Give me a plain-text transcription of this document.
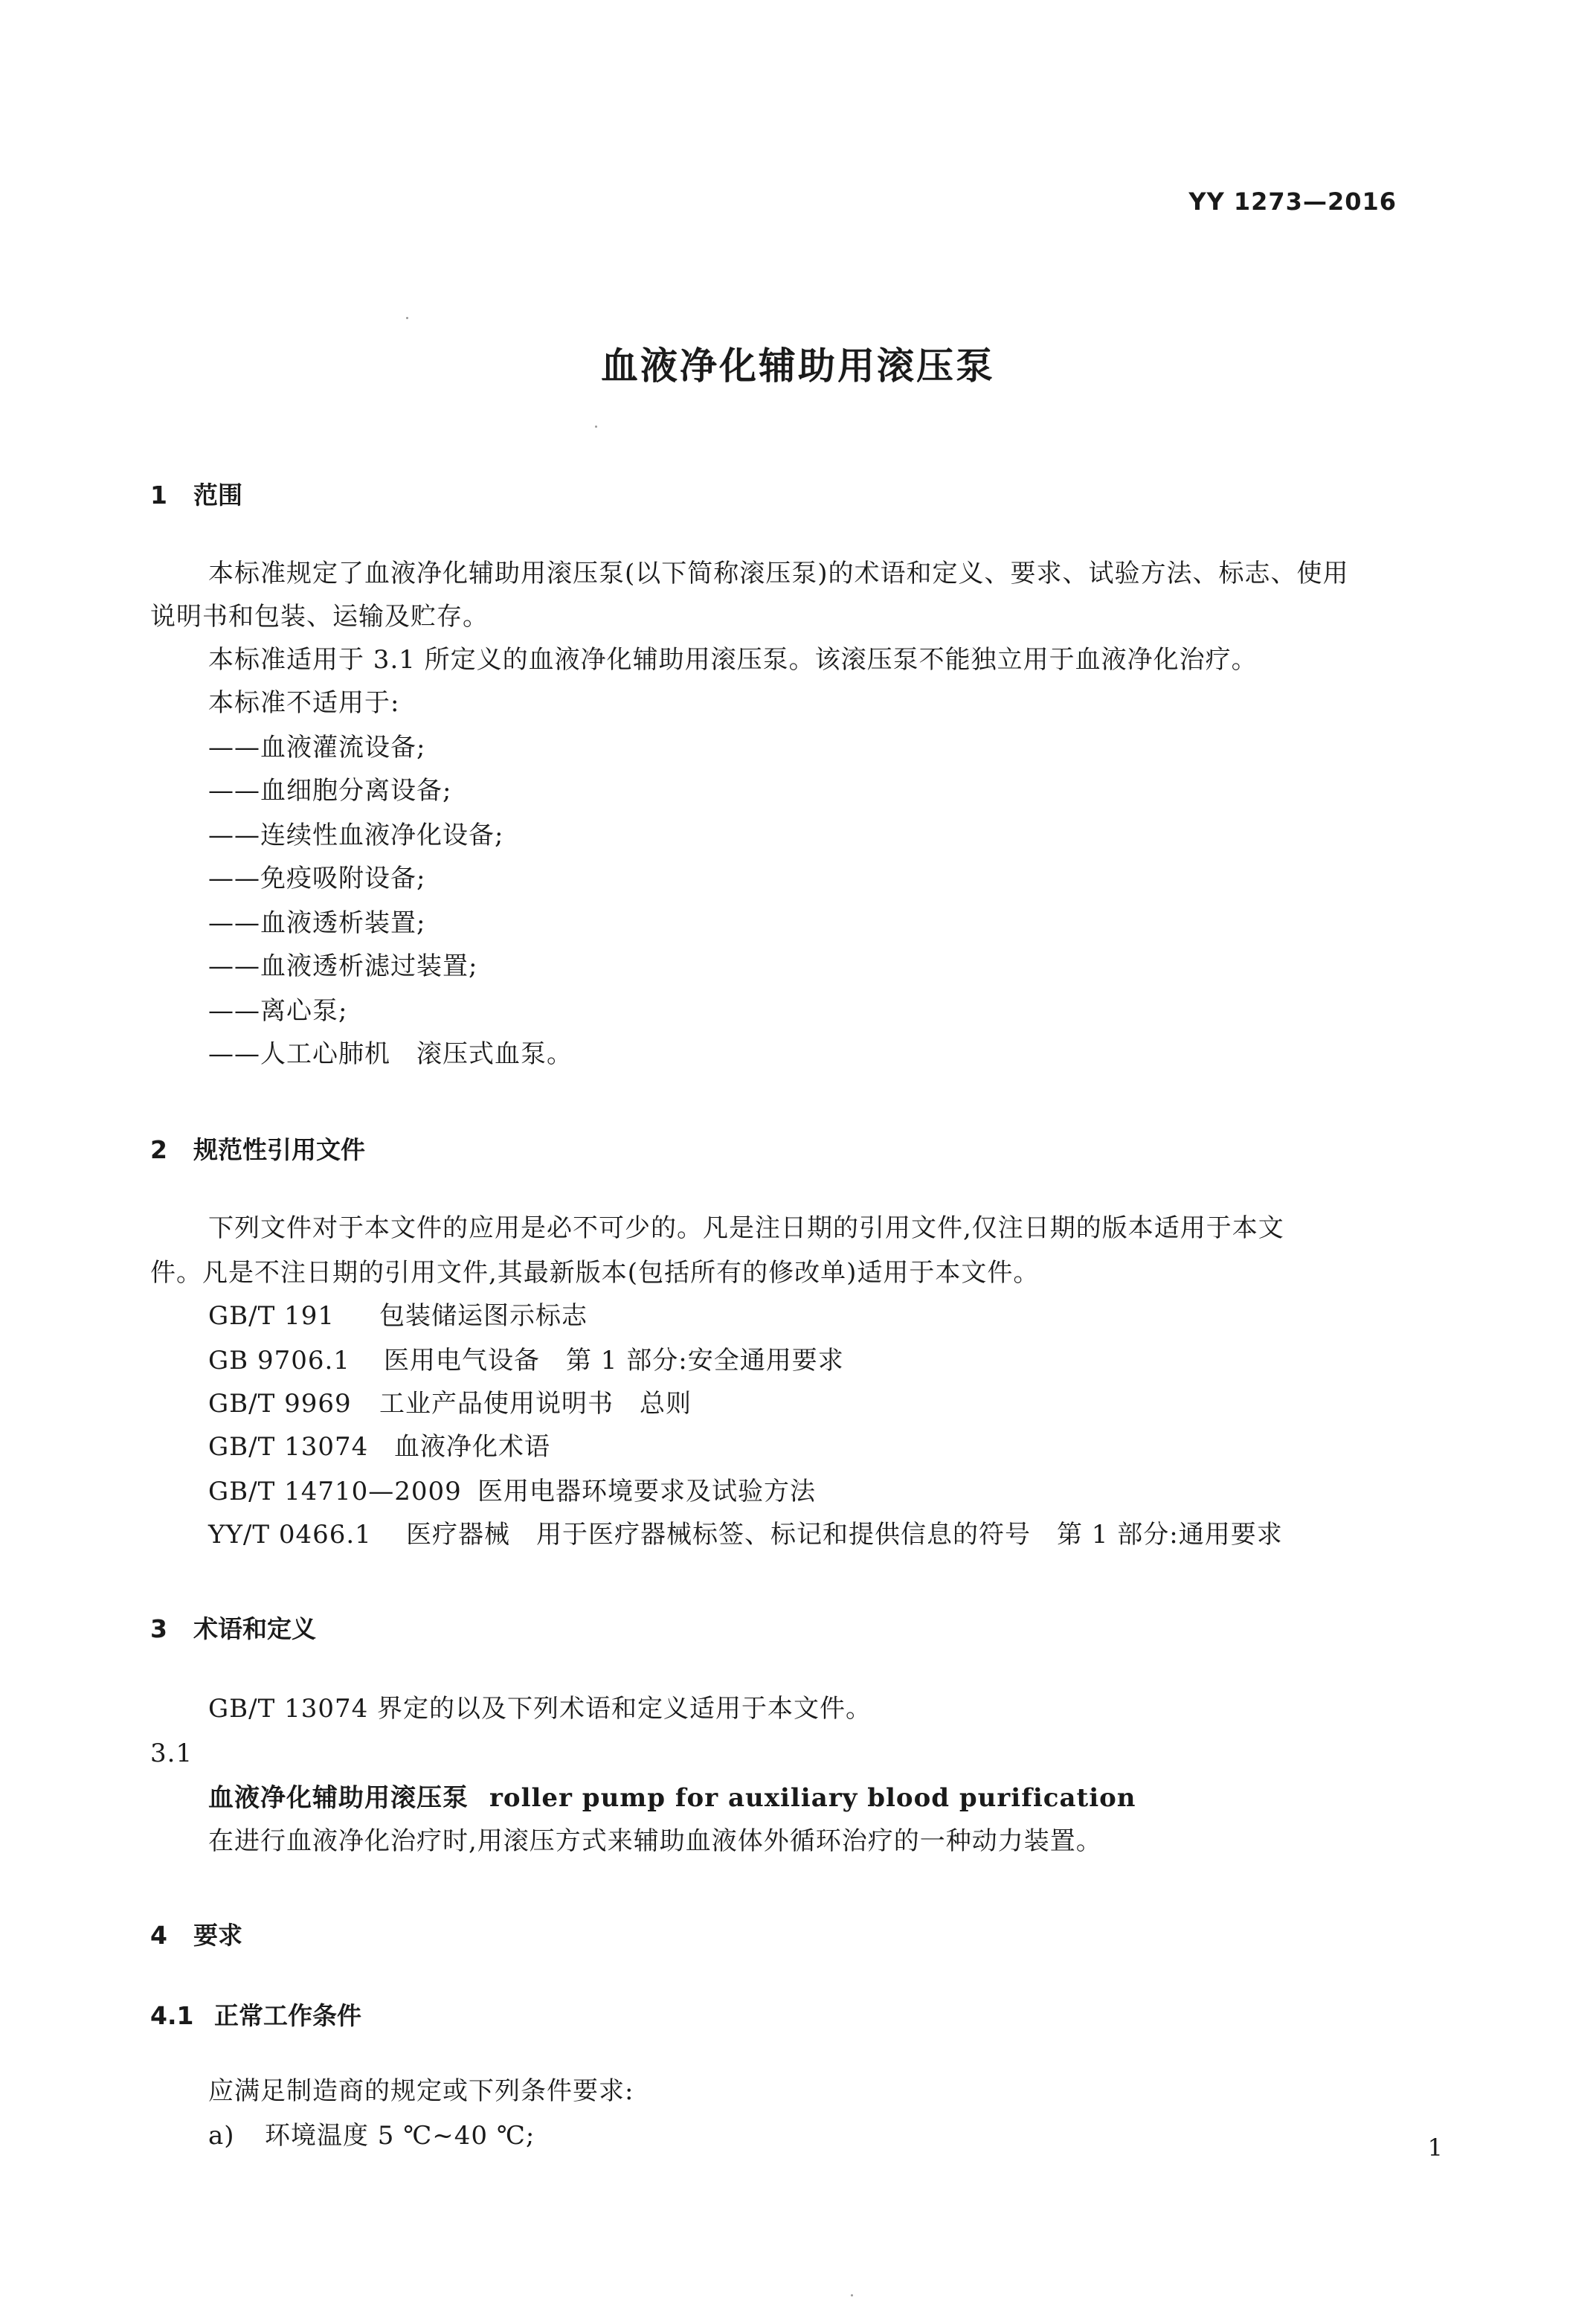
YY 1273—2016
血液净化辅助用滚压泵
1 范围
本标准规定了血液净化辅助用滚压泵(以下简称滚压泵)的术语和定义、要求、试验方法、标志、使用
说明书和包装、运输及贮存。
本标准适用于 3.1 所定义的血液净化辅助用滚压泵。该滚压泵不能独立用于血液净化治疗。
本标准不适用于:
——血液灌流设备;
——血细胞分离设备;
——连续性血液净化设备;
——免疫吸附设备;
——血液透析装置;
——血液透析滤过装置;
——离心泵;
——人工心肺机　滚压式血泵。
2 规范性引用文件
下列文件对于本文件的应用是必不可少的。凡是注日期的引用文件,仅注日期的版本适用于本文
件。凡是不注日期的引用文件,其最新版本(包括所有的修改单)适用于本文件。
GB/T 191 包装储运图示标志
GB 9706.1 医用电气设备　第 1 部分:安全通用要求
GB/T 9969 工业产品使用说明书　总则
GB/T 13074 血液净化术语
GB/T 14710—2009 医用电器环境要求及试验方法
YY/T 0466.1 医疗器械　用于医疗器械标签、标记和提供信息的符号　第 1 部分:通用要求
3 术语和定义
GB/T 13074 界定的以及下列术语和定义适用于本文件。
3.1
血液净化辅助用滚压泵 roller pump for auxiliary blood purification
在进行血液净化治疗时,用滚压方式来辅助血液体外循环治疗的一种动力装置。
4 要求
4.1 正常工作条件
应满足制造商的规定或下列条件要求:
a) 环境温度 5 ℃~40 ℃;	1
